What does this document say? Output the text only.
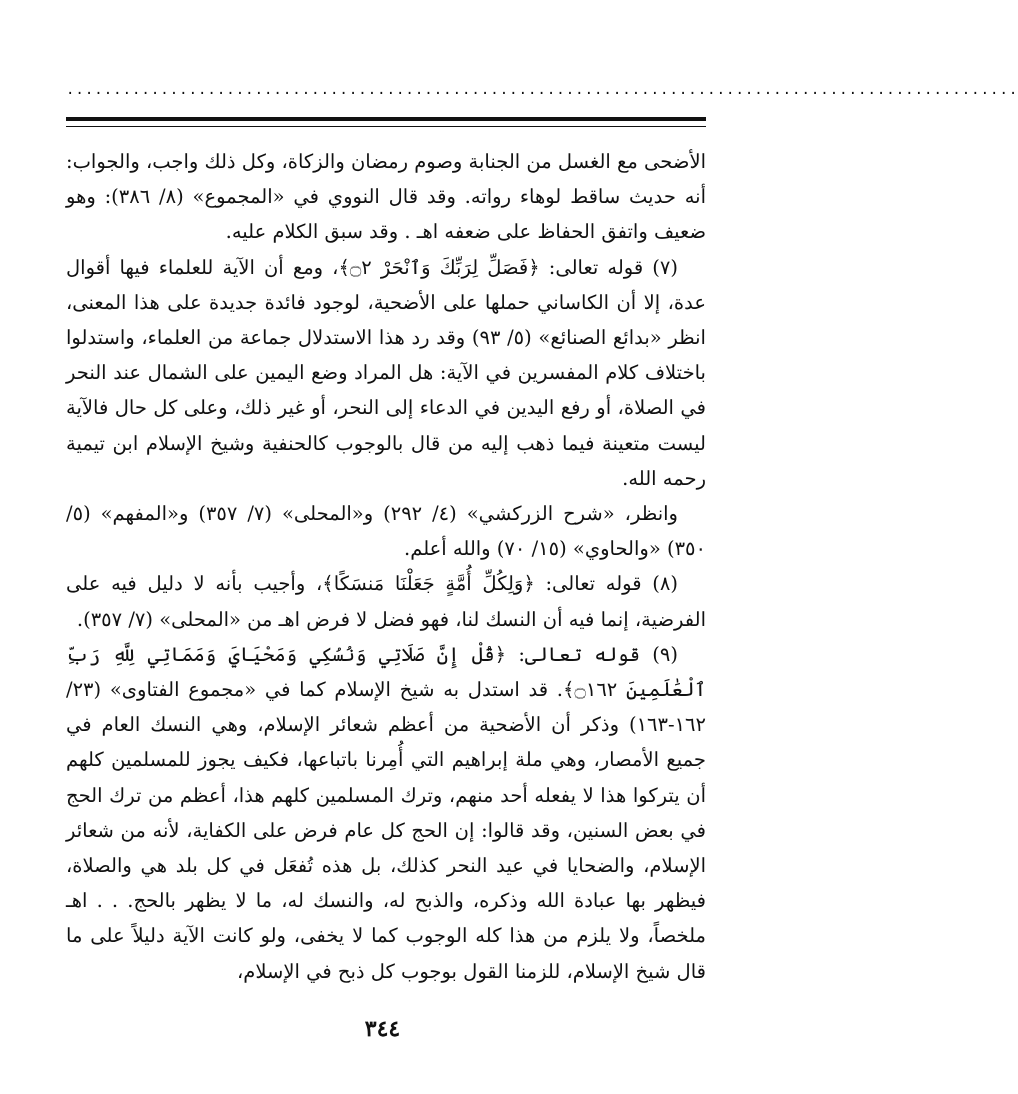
.....................................................................................................

الأضحى مع الغسل من الجنابة وصوم رمضان والزكاة، وكل ذلك واجب، والجواب: أنه حديث ساقط لوهاء رواته. وقد قال النووي في «المجموع» (٨/ ٣٨٦): وهو ضعيف واتفق الحفاظ على ضعفه اهـ . وقد سبق الكلام عليه.

(٧) قوله تعالى: ﴿فَصَلِّ لِرَبِّكَ وَٱنْحَرْ ۝٢﴾، ومع أن الآية للعلماء فيها أقوال عدة، إلا أن الكاساني حملها على الأضحية، لوجود فائدة جديدة على هذا المعنى، انظر «بدائع الصنائع» (٥/ ٩٣) وقد رد هذا الاستدلال جماعة من العلماء، واستدلوا باختلاف كلام المفسرين في الآية: هل المراد وضع اليمين على الشمال عند النحر في الصلاة، أو رفع اليدين في الدعاء إلى النحر، أو غير ذلك، وعلى كل حال فالآية ليست متعينة فيما ذهب إليه من قال بالوجوب كالحنفية وشيخ الإسلام ابن تيمية رحمه الله.

وانظر، «شرح الزركشي» (٤/ ٢٩٢) و«المحلى» (٧/ ٣٥٧) و«المفهم» (٥/ ٣٥٠) «والحاوي» (١٥/ ٧٠) والله أعلم.

(٨) قوله تعالى: ﴿وَلِكُلِّ أُمَّةٍ جَعَلْنَا مَنسَكًا﴾، وأجيب بأنه لا دليل فيه على الفرضية، إنما فيه أن النسك لنا، فهو فضل لا فرض اهـ من «المحلى» (٧/ ٣٥٧).

(٩) قوله تعالى: ﴿قُلْ إِنَّ صَلَاتِي وَنُسُكِي وَمَحْيَايَ وَمَمَاتِي لِلَّهِ رَبِّ ٱلْعَٰلَمِينَ ۝١٦٢﴾. قد استدل به شيخ الإسلام كما في «مجموع الفتاوى» (٢٣/ ١٦٢-١٦٣) وذكر أن الأضحية من أعظم شعائر الإسلام، وهي النسك العام في جميع الأمصار، وهي ملة إبراهيم التي أُمِرنا باتباعها، فكيف يجوز للمسلمين كلهم أن يتركوا هذا لا يفعله أحد منهم، وترك المسلمين كلهم هذا، أعظم من ترك الحج في بعض السنين، وقد قالوا: إن الحج كل عام فرض على الكفاية، لأنه من شعائر الإسلام، والضحايا في عيد النحر كذلك، بل هذه تُفعَل في كل بلد هي والصلاة، فيظهر بها عبادة الله وذكره، والذبح له، والنسك له، ما لا يظهر بالحج. . . اهـ ملخصاً، ولا يلزم من هذا كله الوجوب كما لا يخفى، ولو كانت الآية دليلاً على ما قال شيخ الإسلام، للزمنا القول بوجوب كل ذبح في الإسلام،

٣٤٤
